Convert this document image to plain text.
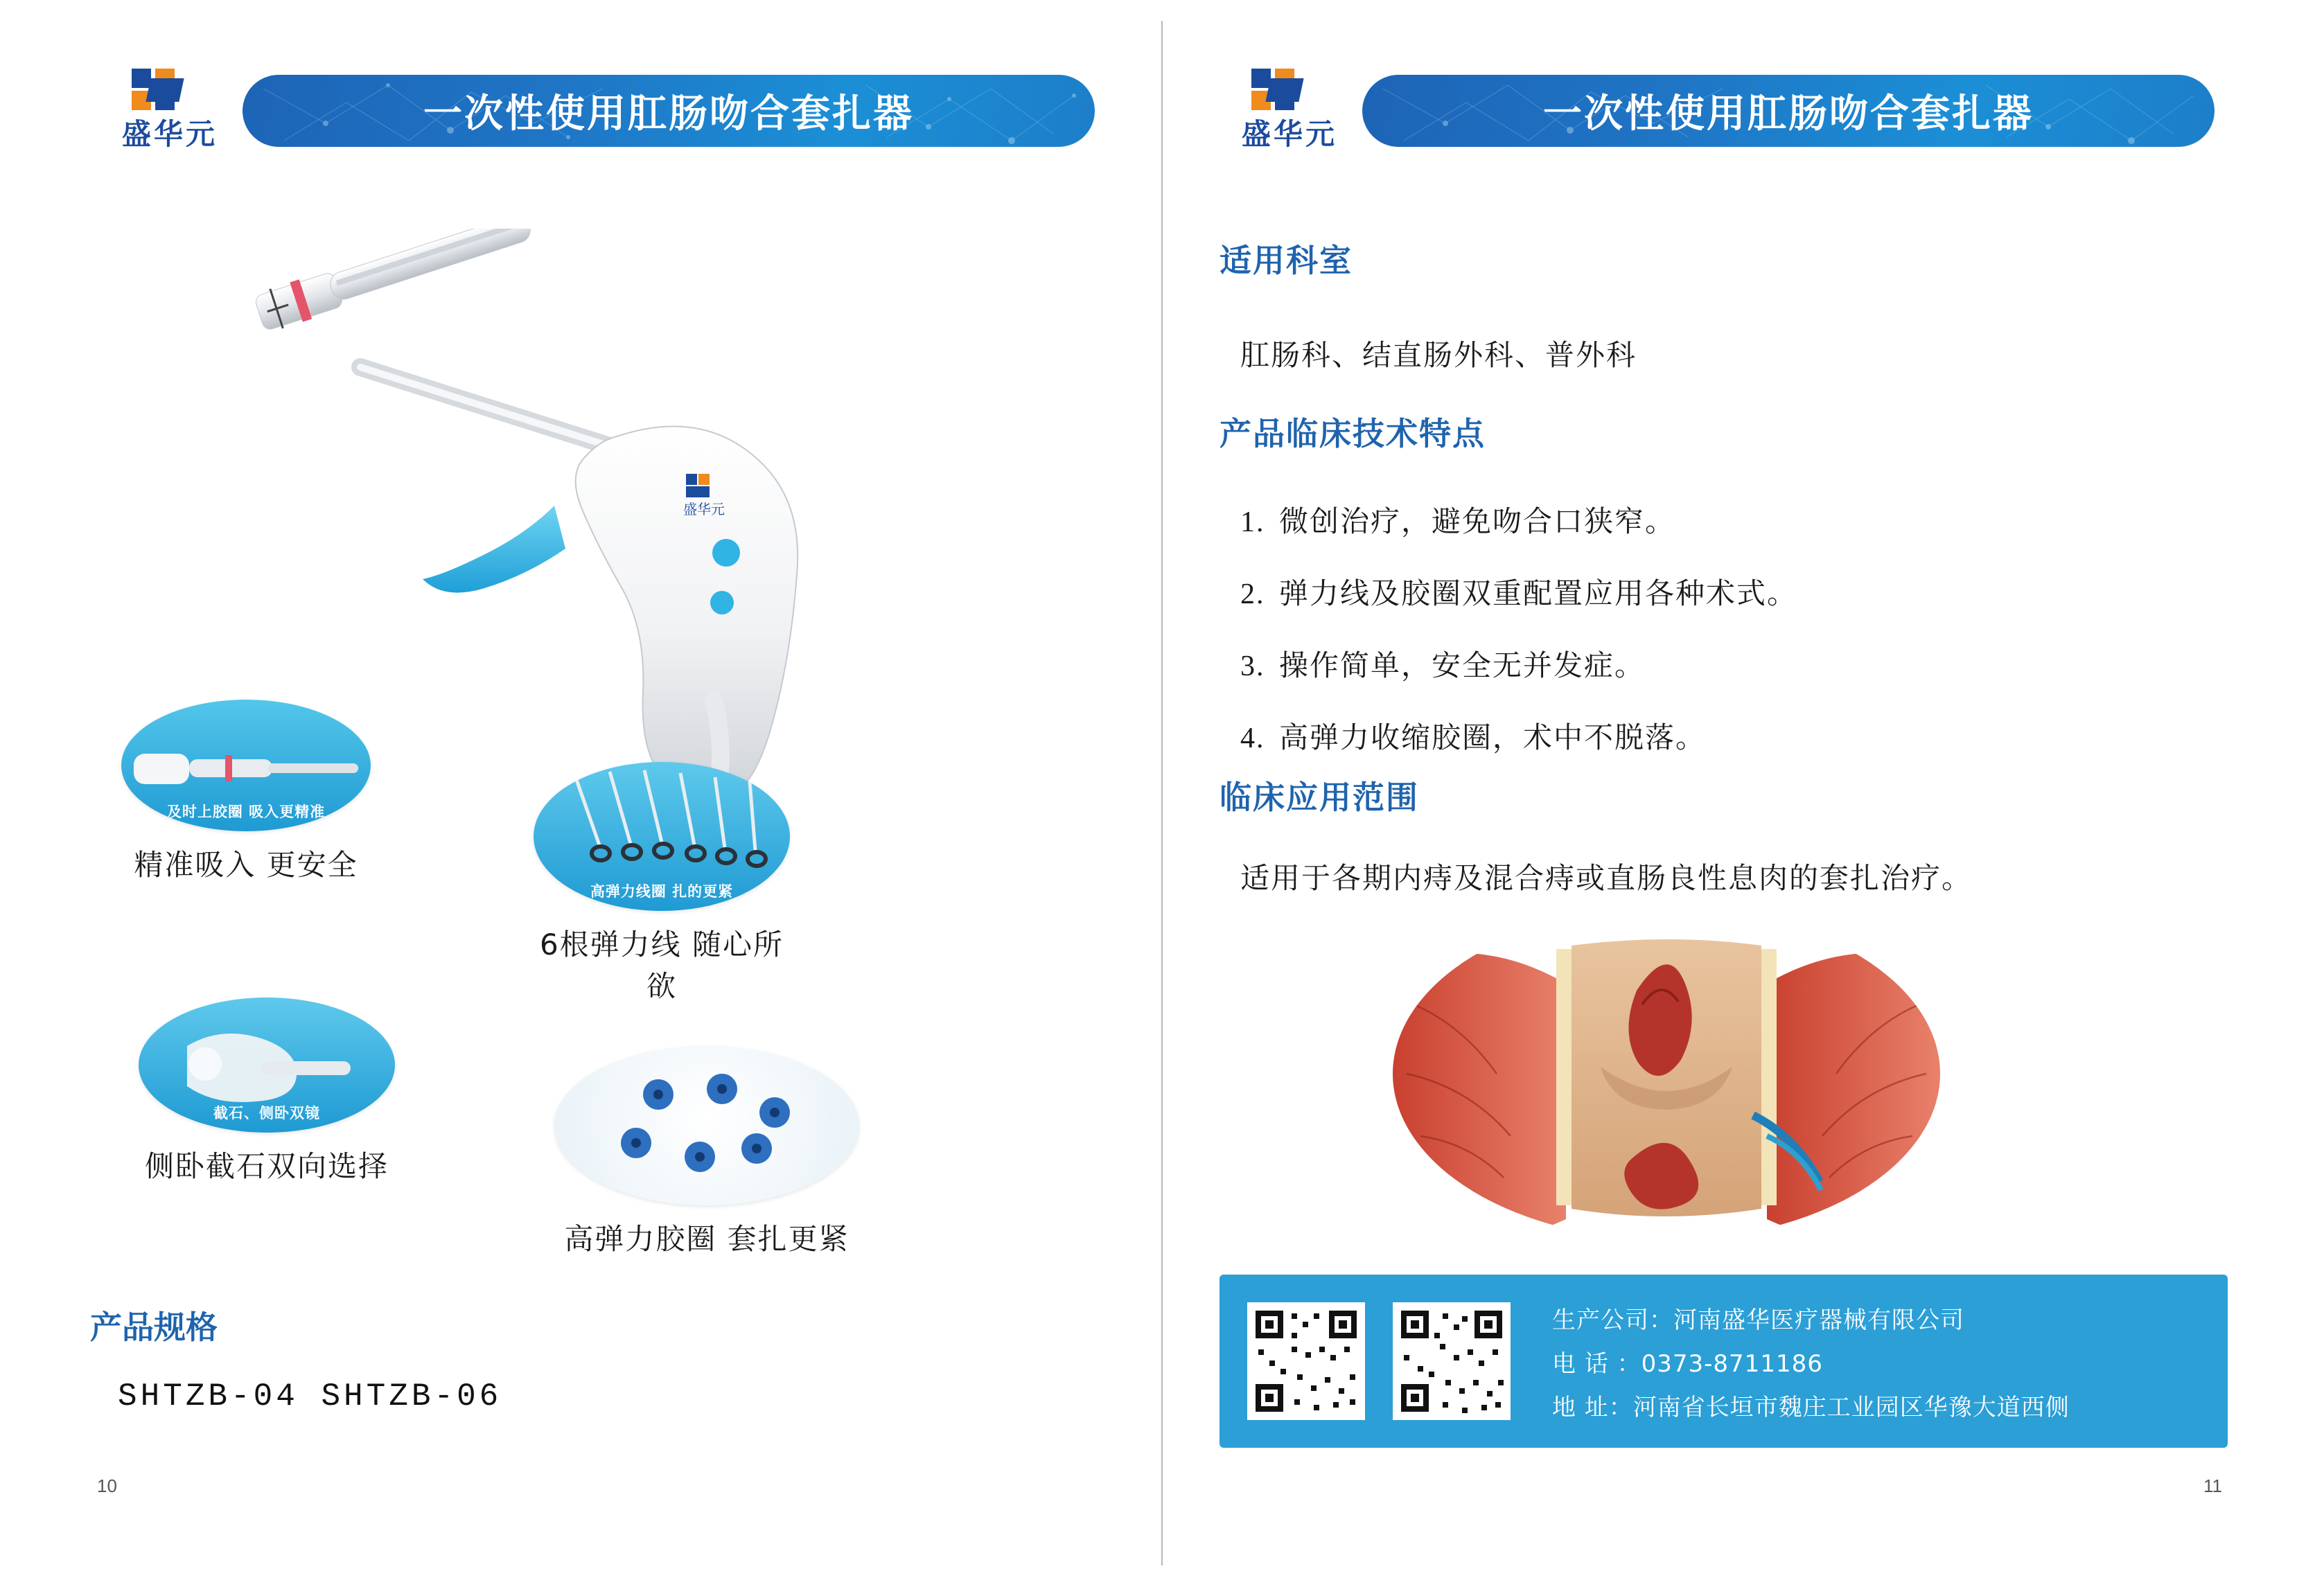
盛华元	一次性使用肛肠吻合套扎器
盛华元
及时上胶圈 吸入更精准
精准吸入 更安全
高弹力线圈 扎的更紧
6根弹力线 随心所欲
截石、侧卧双镜
侧卧截石双向选择
高弹力胶圈 套扎更紧
产品规格
SHTZB-04 SHTZB-06
10
盛华元	一次性使用肛肠吻合套扎器
适用科室
肛肠科、结直肠外科、普外科
产品临床技术特点
1. 微创治疗，避免吻合口狭窄。
2. 弹力线及胶圈双重配置应用各种术式。
3. 操作简单，安全无并发症。
4. 高弹力收缩胶圈，术中不脱落。
临床应用范围
适用于各期内痔及混合痔或直肠良性息肉的套扎治疗。
生产公司：河南盛华医疗器械有限公司
电 话 ：0373-8711186
地 址：河南省长垣市魏庄工业园区华豫大道西侧
11
